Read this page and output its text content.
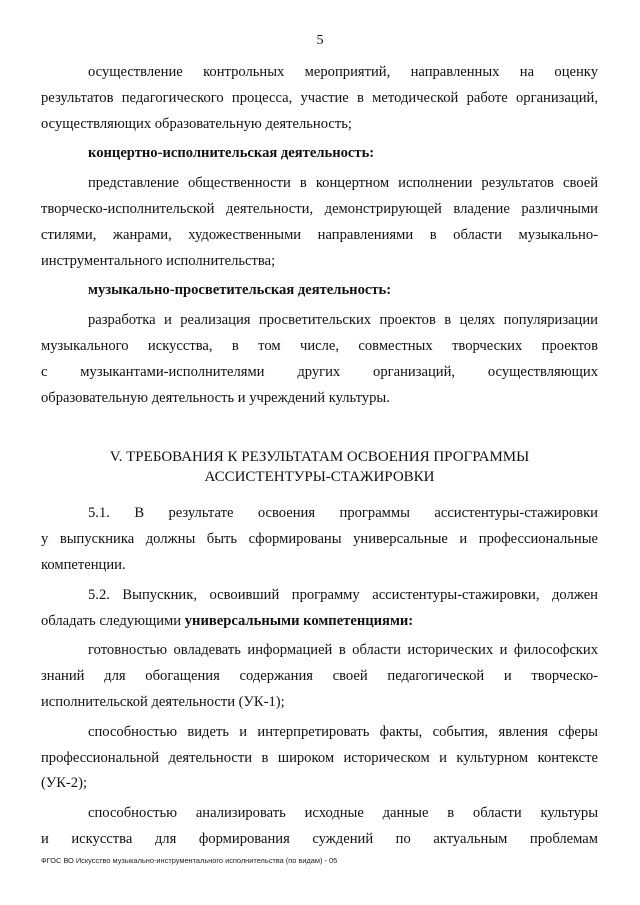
5
осуществление контрольных мероприятий, направленных на оценку
результатов педагогического процесса, участие в методической работе организаций,
осуществляющих образовательную деятельность;

концертно-исполнительская деятельность:

представление общественности в концертном исполнении результатов своей
творческо-исполнительской деятельности, демонстрирующей владение различными
стилями, жанрами, художественными направлениями в области музыкально-
инструментального исполнительства;

музыкально-просветительская деятельность:

разработка и реализация просветительских проектов в целях популяризации
музыкального искусства, в том числе, совместных творческих проектов
с музыкантами-исполнителями других организаций, осуществляющих
образовательную деятельность и учреждений культуры.
V. ТРЕБОВАНИЯ К РЕЗУЛЬТАТАМ ОСВОЕНИЯ ПРОГРАММЫ
АССИСТЕНТУРЫ-СТАЖИРОВКИ
5.1. В результате освоения программы ассистентуры-стажировки
у выпускника должны быть сформированы универсальные и профессиональные
компетенции.
5.2. Выпускник, освоивший программу ассистентуры-стажировки, должен
обладать следующими универсальными компетенциями:
готовностью овладевать информацией в области исторических и философских
знаний для обогащения содержания своей педагогической и творческо-
исполнительской деятельности (УК-1);
способностью видеть и интерпретировать факты, события, явления сферы
профессиональной деятельности в широком историческом и культурном контексте
(УК-2);
способностью анализировать исходные данные в области культуры
и искусства для формирования суждений по актуальным проблемам
ФГОС ВО Искусство музыкально-инструментального исполнительства (по видам) - 05
